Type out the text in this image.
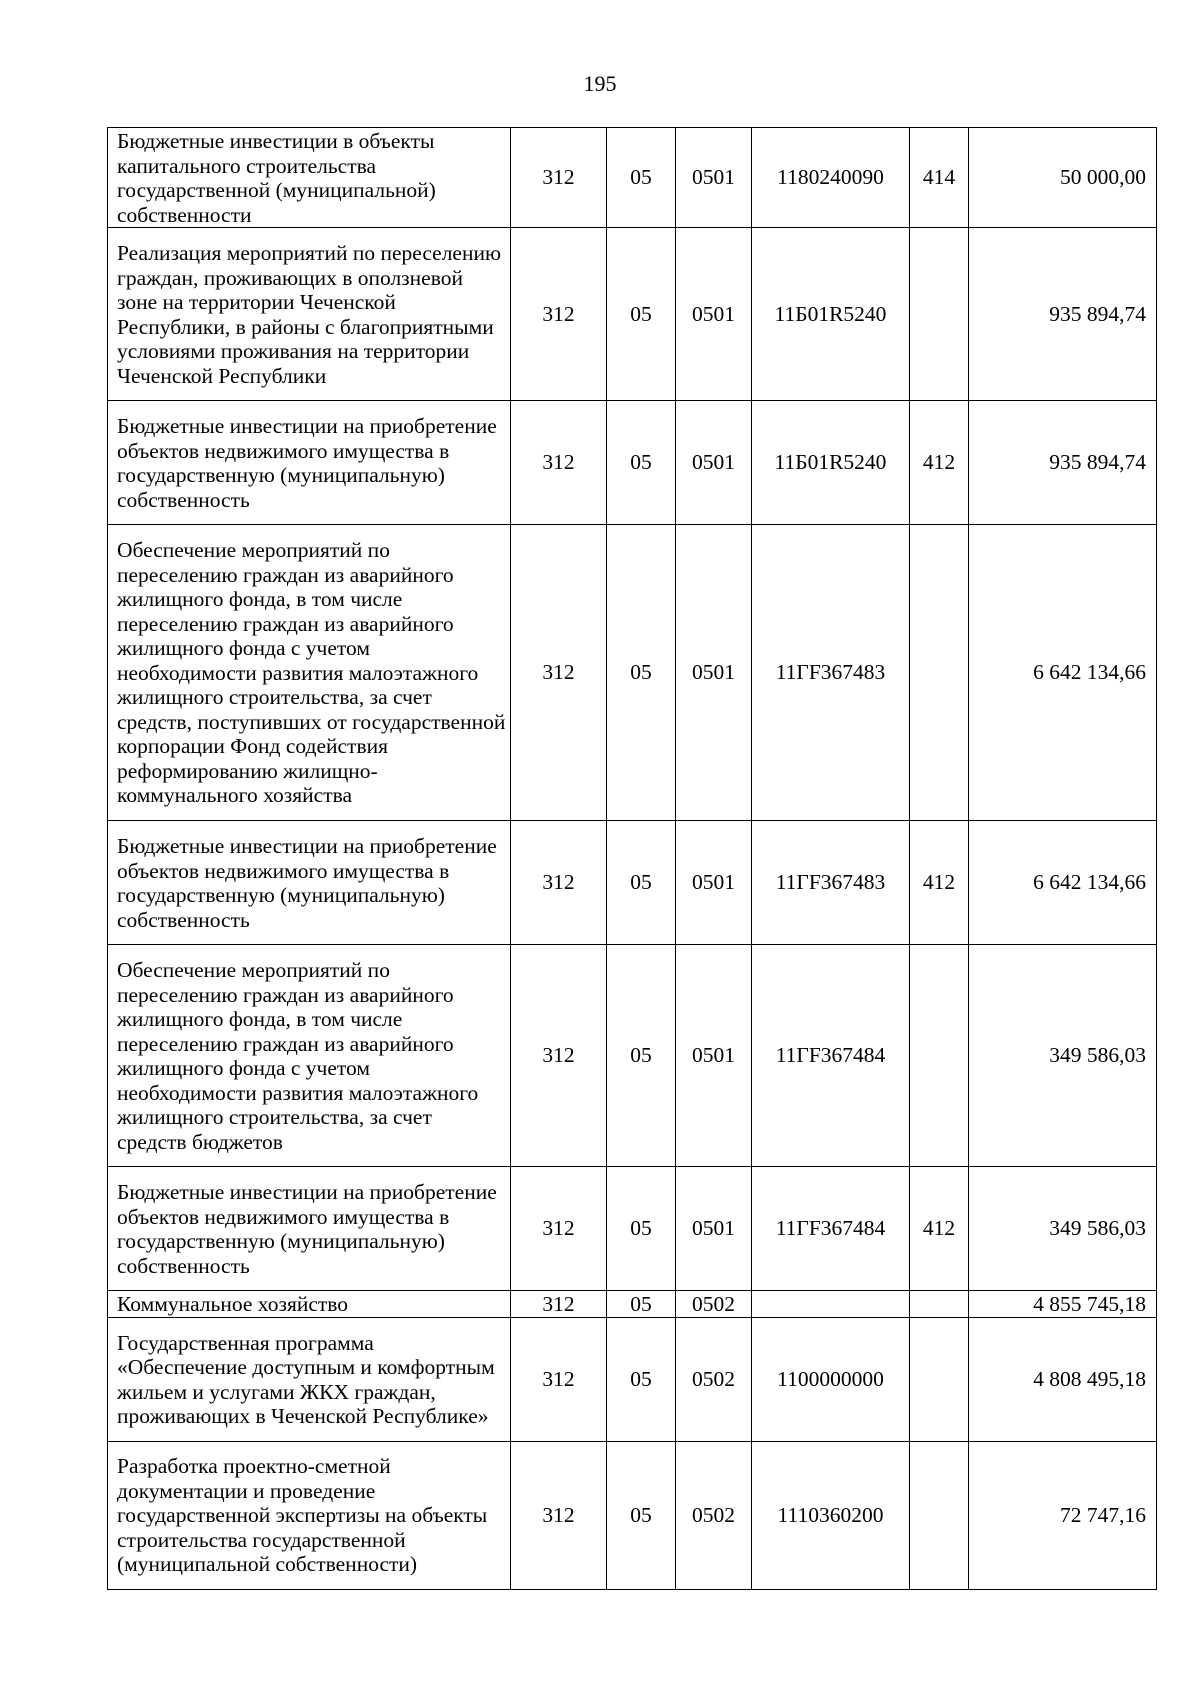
195
Бюджетные инвестиции в объекты капитального строительства государственной (муниципальной) собственности	312	05	0501	1180240090	414	50 000,00
Реализация мероприятий по переселению граждан, проживающих в оползневой зоне на территории Чеченской Республики, в районы с благоприятными условиями проживания на территории Чеченской Республики	312	05	0501	11Б01R5240		935 894,74
Бюджетные инвестиции на приобретение объектов недвижимого имущества в государственную (муниципальную) собственность	312	05	0501	11Б01R5240	412	935 894,74
Обеспечение мероприятий по переселению граждан из аварийного жилищного фонда, в том числе переселению граждан из аварийного жилищного фонда с учетом необходимости развития малоэтажного жилищного строительства, за счет средств, поступивших от государственной корпорации Фонд содействия реформированию жилищно-коммунального хозяйства	312	05	0501	11ГF367483		6 642 134,66
Бюджетные инвестиции на приобретение объектов недвижимого имущества в государственную (муниципальную) собственность	312	05	0501	11ГF367483	412	6 642 134,66
Обеспечение мероприятий по переселению граждан из аварийного жилищного фонда, в том числе переселению граждан из аварийного жилищного фонда с учетом необходимости развития малоэтажного жилищного строительства, за счет средств бюджетов	312	05	0501	11ГF367484		349 586,03
Бюджетные инвестиции на приобретение объектов недвижимого имущества в государственную (муниципальную) собственность	312	05	0501	11ГF367484	412	349 586,03
Коммунальное хозяйство	312	05	0502			4 855 745,18
Государственная программа «Обеспечение доступным и комфортным жильем и услугами ЖКХ граждан, проживающих в Чеченской Республике»	312	05	0502	1100000000		4 808 495,18
Разработка проектно-сметной документации и проведение государственной экспертизы на объекты строительства государственной (муниципальной собственности)	312	05	0502	1110360200		72 747,16
